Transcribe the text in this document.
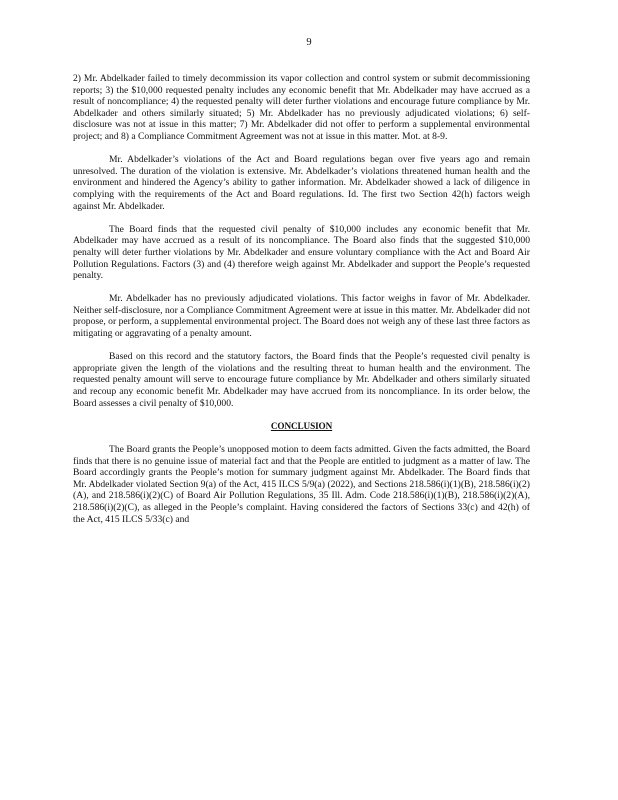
9

2) Mr. Abdelkader failed to timely decommission its vapor collection and control system or submit decommissioning reports; 3) the $10,000 requested penalty includes any economic benefit that Mr. Abdelkader may have accrued as a result of noncompliance; 4) the requested penalty will deter further violations and encourage future compliance by Mr. Abdelkader and others similarly situated; 5) Mr. Abdelkader has no previously adjudicated violations; 6) self-disclosure was not at issue in this matter; 7) Mr. Abdelkader did not offer to perform a supplemental environmental project; and 8) a Compliance Commitment Agreement was not at issue in this matter. Mot. at 8-9.

Mr. Abdelkader’s violations of the Act and Board regulations began over five years ago and remain unresolved. The duration of the violation is extensive. Mr. Abdelkader’s violations threatened human health and the environment and hindered the Agency’s ability to gather information. Mr. Abdelkader showed a lack of diligence in complying with the requirements of the Act and Board regulations. Id. The first two Section 42(h) factors weigh against Mr. Abdelkader.

The Board finds that the requested civil penalty of $10,000 includes any economic benefit that Mr. Abdelkader may have accrued as a result of its noncompliance. The Board also finds that the suggested $10,000 penalty will deter further violations by Mr. Abdelkader and ensure voluntary compliance with the Act and Board Air Pollution Regulations. Factors (3) and (4) therefore weigh against Mr. Abdelkader and support the People’s requested penalty.

Mr. Abdelkader has no previously adjudicated violations. This factor weighs in favor of Mr. Abdelkader. Neither self-disclosure, nor a Compliance Commitment Agreement were at issue in this matter. Mr. Abdelkader did not propose, or perform, a supplemental environmental project. The Board does not weigh any of these last three factors as mitigating or aggravating of a penalty amount.

Based on this record and the statutory factors, the Board finds that the People’s requested civil penalty is appropriate given the length of the violations and the resulting threat to human health and the environment. The requested penalty amount will serve to encourage future compliance by Mr. Abdelkader and others similarly situated and recoup any economic benefit Mr. Abdelkader may have accrued from its noncompliance. In its order below, the Board assesses a civil penalty of $10,000.

CONCLUSION

The Board grants the People’s unopposed motion to deem facts admitted. Given the facts admitted, the Board finds that there is no genuine issue of material fact and that the People are entitled to judgment as a matter of law. The Board accordingly grants the People’s motion for summary judgment against Mr. Abdelkader. The Board finds that Mr. Abdelkader violated Section 9(a) of the Act, 415 ILCS 5/9(a) (2022), and Sections 218.586(i)(1)(B), 218.586(i)(2)(A), and 218.586(i)(2)(C) of Board Air Pollution Regulations, 35 Ill. Adm. Code 218.586(i)(1)(B), 218.586(i)(2)(A), 218.586(i)(2)(C), as alleged in the People’s complaint. Having considered the factors of Sections 33(c) and 42(h) of the Act, 415 ILCS 5/33(c) and
